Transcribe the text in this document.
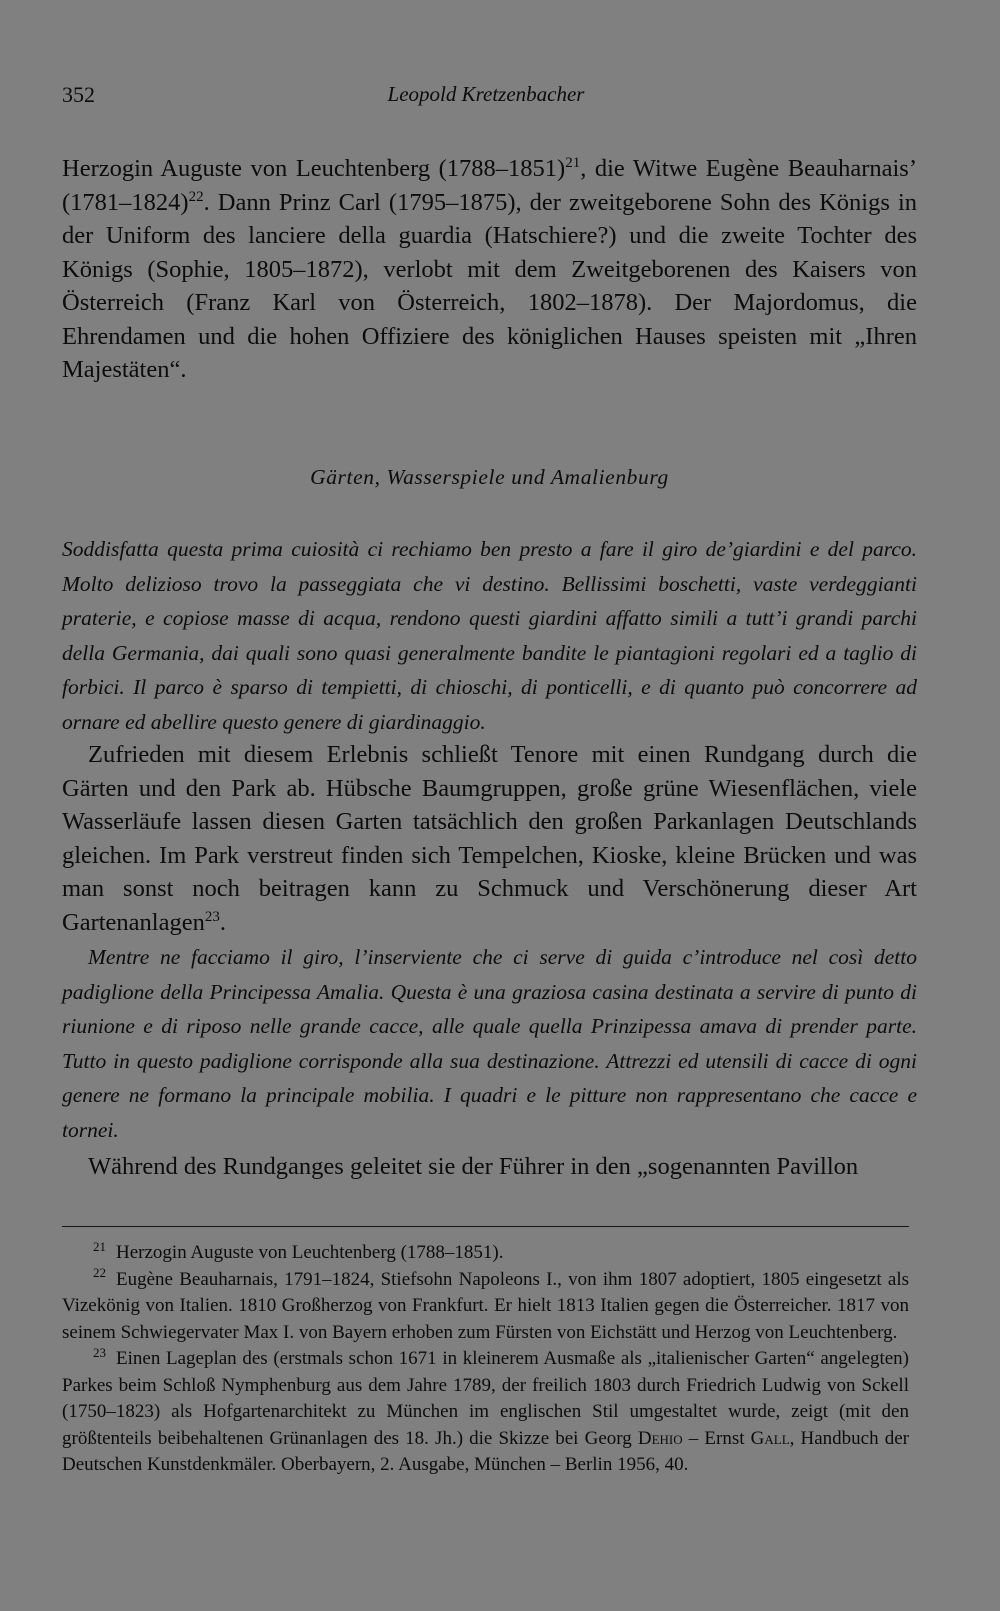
352	Leopold Kretzenbacher

Herzogin Auguste von Leuchtenberg (1788–1851)$^{21}$, die Witwe Eugène Beauharnais’ (1781–1824)$^{22}$. Dann Prinz Carl (1795–1875), der zweitgeborene Sohn des Königs in der Uniform des lanciere della guardia (Hatschiere?) und die zweite Tochter des Königs (Sophie, 1805–1872), verlobt mit dem Zweitgeborenen des Kaisers von Österreich (Franz Karl von Österreich, 1802–1878). Der Majordomus, die Ehrendamen und die hohen Offiziere des königlichen Hauses speisten mit „Ihren Majestäten“.

Gärten, Wasserspiele und Amalienburg

Soddisfatta questa prima cuiosità ci rechiamo ben presto a fare il giro de’giardini e del parco. Molto delizioso trovo la passeggiata che vi destino. Bellissimi boschetti, vaste verdeggianti praterie, e copiose masse di acqua, rendono questi giardini affatto simili a tutt’i grandi parchi della Germania, dai quali sono quasi generalmente bandite le piantagioni regolari ed a taglio di forbici. Il parco è sparso di tempietti, di chioschi, di ponticelli, e di quanto può concorrere ad ornare ed abellire questo genere di giardinaggio.

Zufrieden mit diesem Erlebnis schließt Tenore mit einen Rundgang durch die Gärten und den Park ab. Hübsche Baumgruppen, große grüne Wiesenflächen, viele Wasserläufe lassen diesen Garten tatsächlich den großen Parkanlagen Deutschlands gleichen. Im Park verstreut finden sich Tempelchen, Kioske, kleine Brücken und was man sonst noch beitragen kann zu Schmuck und Verschönerung dieser Art Gartenanlagen$^{23}$.

Mentre ne facciamo il giro, l’inserviente che ci serve di guida c’introduce nel così detto padiglione della Principessa Amalia. Questa è una graziosa casina destinata a servire di punto di riunione e di riposo nelle grande cacce, alle quale quella Prinzipessa amava di prender parte. Tutto in questo padiglione corrisponde alla sua destinazione. Attrezzi ed utensili di cacce di ogni genere ne formano la principale mobilia. I quadri e le pitture non rappresentano che cacce e tornei.

Während des Rundganges geleitet sie der Führer in den „sogenannten Pavillon

21 Herzogin Auguste von Leuchtenberg (1788–1851).

22 Eugène Beauharnais, 1791–1824, Stiefsohn Napoleons I., von ihm 1807 adoptiert, 1805 eingesetzt als Vizekönig von Italien. 1810 Großherzog von Frankfurt. Er hielt 1813 Italien gegen die Österreicher. 1817 von seinem Schwiegervater Max I. von Bayern erhoben zum Fürsten von Eichstätt und Herzog von Leuchtenberg.

23 Einen Lageplan des (erstmals schon 1671 in kleinerem Ausmaße als „italienischer Garten“ angelegten) Parkes beim Schloß Nymphenburg aus dem Jahre 1789, der freilich 1803 durch Friedrich Ludwig von Sckell (1750–1823) als Hofgartenarchitekt zu München im englischen Stil umgestaltet wurde, zeigt (mit den größtenteils beibehaltenen Grünanlagen des 18. Jh.) die Skizze bei Georg Dehio – Ernst Gall, Handbuch der Deutschen Kunstdenkmäler. Oberbayern, 2. Ausgabe, München – Berlin 1956, 40.
